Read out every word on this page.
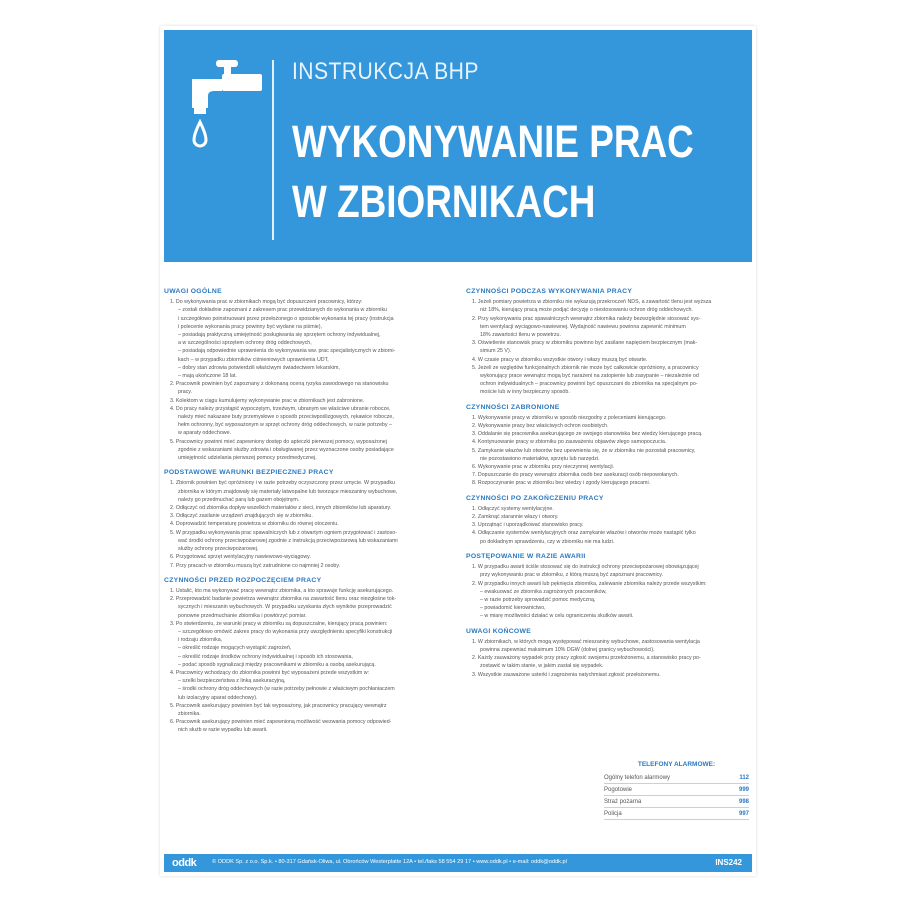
INSTRUKCJA BHP
WYKONYWANIE PRAC
W ZBIORNIKACH
UWAGI OGÓLNE
1. Do wykonywania prac w zbiornikach mogą być dopuszczeni pracownicy, którzy:
– zostali dokładnie zapoznani z zakresem prac przewidzianych do wykonania w zbiorniku
i szczegółowo poinstruowani przez przełożonego o sposobie wykonania tej pracy (instrukcja
i polecenie wykonania pracy powinny być wydane na piśmie),
– posiadają praktyczną umiejętność posługiwania się sprzętem ochrony indywidualnej,
a w szczególności sprzętem ochrony dróg oddechowych,
– posiadają odpowiednie uprawnienia do wykonywania ww. prac specjalistycznych w zbiorni-
kach – w przypadku zbiorników ciśnieniowych uprawnienia UDT,
– dobry stan zdrowia potwierdzili właściwym świadectwem lekarskim,
– mają ukończone 18 lat.
2. Pracownik powinien być zapoznany z dokonaną oceną ryzyka zawodowego na stanowisku
pracy.
3. Kolektom w ciągu kumulujemy wykonywanie prac w zbiornikach jest zabronione.
4. Do pracy należy przystąpić wypoczętym, trzeźwym, ubranym we właściwe ubranie robocze,
należy mieć nakazane buty przemysłowe o sposób przeciwpoślizgowych, rękawice robocze,
hełm ochronny, być wyposażonym w sprzęt ochrony dróg oddechowych, w razie potrzeby –
w aparaty oddechowe.
5. Pracownicy powinni mieć zapewniony dostęp do apteczki pierwszej pomocy, wyposażonej
zgodnie z wskazaniami służby zdrowia i obsługiwanej przez wyznaczone osoby posiadające
umiejętność udzielania pierwszej pomocy przedmedycznej.
PODSTAWOWE WARUNKI BEZPIECZNEJ PRACY
1. Zbiornik powinien być opróżniony i w razie potrzeby oczyszczony przez umycie. W przypadku
zbiornika w którym znajdowały się materiały łatwopalne lub tworzące mieszaniny wybuchowe,
należy go przedmuchać parą lub gazem obojętnym.
2. Odłączyć od zbiornika dopływ wszelkich materiałów z sieci, innych zbiorników lub aparatury.
3. Odłączyć zasilanie urządzeń znajdujących się w zbiorniku.
4. Doprowadzić temperaturę powietrza w zbiorniku do równej otoczeniu.
5. W przypadku wykonywania prac spawalniczych lub z otwartym ogniem przygotować i zastoso-
wać środki ochrony przeciwpożarowej zgodnie z instrukcją przeciwpożarową lub wskazaniami
służby ochrony przeciwpożarowej.
6. Przygotować sprzęt wentylacyjny nawiewowo-wyciągowy.
7. Przy pracach w zbiorniku muszą być zatrudnione co najmniej 2 osoby.
CZYNNOŚCI PRZED ROZPOCZĘCIEM PRACY
1. Ustalić, kto ma wykonywać pracę wewnątrz zbiornika, a kto sprawuje funkcję asekurującego.
2. Przeprowadzić badanie powietrza wewnątrz zbiornika na zawartość tlenu oraz niezgłośne tok-
sycznych i mieszanin wybuchowych. W przypadku uzyskania złych wyników przeprowadzić
ponowne przedmuchanie zbiornika i powtórzyć pomiar.
3. Po stwierdzeniu, że warunki pracy w zbiorniku są dopuszczalne, kierujący pracą powinien:
– szczegółowo omówić zakres pracy do wykonania przy uwzględnieniu specyfiki konstrukcji
i rodzaju zbiornika,
– określić rodzaje mogących wystąpić zagrożeń,
– określić rodzaje środków ochrony indywidualnej i sposób ich stosowania,
– podać sposób sygnalizacji między pracownikami w zbiorniku a osobą asekurującą.
4. Pracownicy wchodzący do zbiornika powinni być wyposażeni przede wszystkim w:
– szelki bezpieczeństwa z linką asekuracyjną,
– środki ochrony dróg oddechowych (w razie potrzeby pełnowie z właściwym pochłaniaczem
lub izolacyjny aparat oddechowy).
5. Pracownik asekurujący powinien być tak wyposażony, jak pracownicy pracujący wewnątrz
zbiornika.
6. Pracownik asekurujący powinien mieć zapewnioną możliwość wezwania pomocy odpowied-
nich służb w razie wypadku lub awarii.
CZYNNOŚCI PODCZAS WYKONYWANIA PRACY
1. Jeżeli pomiary powietrza w zbiorniku nie wykazują przekroczeń NDS, a zawartość tlenu jest wyższa
niż 18%, kierujący pracą może podjąć decyzję o niestosowaniu ochron dróg oddechowych.
2. Przy wykonywaniu prac spawalniczych wewnątrz zbiornika należy bezwzględnie stosować sys-
tem wentylacji wyciągowo-nawiewnej. Wydajność nawiewu powinna zapewnić minimum
18% zawartości tlenu w powietrzu.
3. Oświetlenie stanowisk pracy w zbiorniku powinno być zasilane napięciem bezpiecznym (mak-
simum 25 V).
4. W czasie pracy w zbiorniku wszystkie otwory i włazy muszą być otwarte.
5. Jeżeli ze względów funkcjonalnych zbiornik nie może być całkowicie opróżniony, a pracownicy
wykonujący prace wewnątrz mogą być narażeni na zatopienie lub zasypanie – niezależnie od
ochron indywidualnych – pracownicy powinni być opuszczani do zbiornika na specjalnym po-
moście lub w inny bezpieczny sposób.
CZYNNOŚCI ZABRONIONE
1. Wykonywanie pracy w zbiorniku w sposób niezgodny z poleceniami kierującego.
2. Wykonywanie pracy bez właściwych ochron osobistych.
3. Oddalanie się pracownika asekurującego ze swojego stanowiska bez wiedzy kierującego pracą.
4. Kontynuowanie pracy w zbiorniku po zauważeniu objawów złego samopoczucia.
5. Zamykanie włazów lub otworów bez upewnienia się, że w zbiorniku nie pozostali pracownicy,
nie pozostawiono materiałów, sprzętu lub narzędzi.
6. Wykonywanie prac w zbiorniku przy nieczynnej wentylacji.
7. Dopuszczanie do pracy wewnątrz zbiornika osób bez asekuracji osób niepowołanych.
8. Rozpoczynanie prac w zbiorniku bez wiedzy i zgody kierującego pracami.
CZYNNOŚCI PO ZAKOŃCZENIU PRACY
1. Odłączyć systemy wentylacyjne.
2. Zamknąć starannie włazy i otwory.
3. Uprzątnąć i uporządkować stanowisko pracy.
4. Odłączanie systemów wentylacyjnych oraz zamykanie włazów i otworów może nastąpić tylko
po dokładnym sprawdzeniu, czy w zbiorniku nie ma ludzi.
POSTĘPOWANIE W RAZIE AWARII
1. W przypadku awarii ściśle stosować się do instrukcji ochrony przeciwpożarowej obowiązującej
przy wykonywaniu prac w zbiorniku, z którą muszą być zapoznani pracownicy.
2. W przypadku innych awarii lub pęknięcia zbiornika, zalewanie zbiornika należy przede wszystkim:
– ewakuować ze zbiornika zagrożonych pracowników,
– w razie potrzeby sprowadzić pomoc medyczną,
– powiadomić kierownictwo,
– w miarę możliwości działać w celu ograniczenia skutków awarii.
UWAGI KOŃCOWE
1. W zbiornikach, w których mogą występować mieszaniny wybuchowe, zastosowania wentylacja
powinna zapewniać maksimum 10% DGW (dolnej granicy wybuchowości).
2. Każdy zauważony wypadek przy pracy zgłosić swojemu przełożonemu, a stanowisko pracy po-
zostawić w takim stanie, w jakim zastał się wypadek.
3. Wszystkie zauważone usterki i zagrożenia natychmiast zgłosić przełożonemu.
TELEFONY ALARMOWE:
Ogólny telefon alarmowy	112
Pogotowie	999
Straż pożarna	998
Policja	997
oddk	© ODDK Sp. z o.o. Sp.k. • 80-317 Gdańsk-Oliwa, ul. Obrońców Westerplatte 12A • tel./faks 58 554 29 17 • www.oddk.pl • e-mail: oddk@oddk.pl	INS242
